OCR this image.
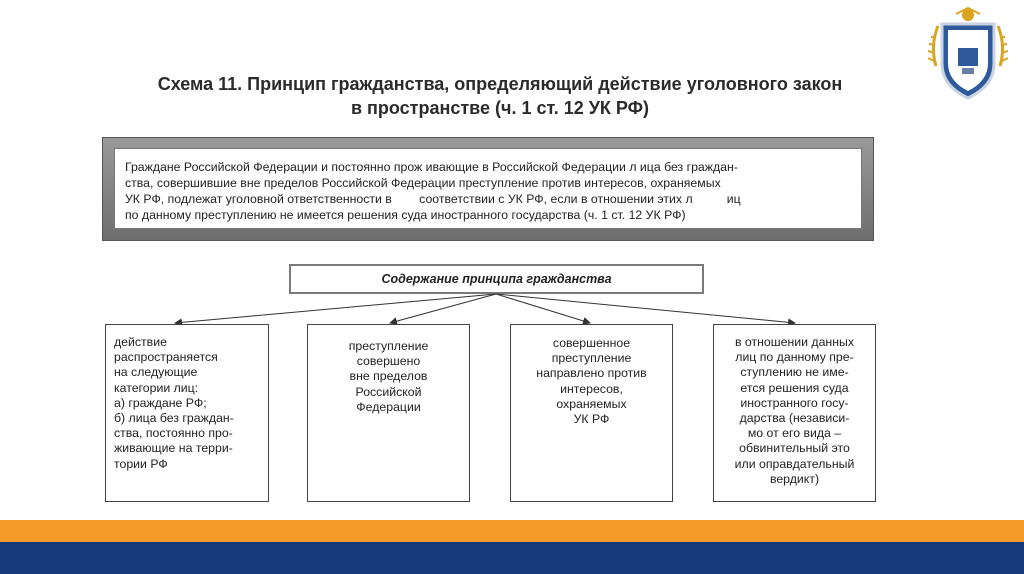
Схема 11. Принцип гражданства, определяющий действие уголовного закон
в пространстве (ч. 1 ст. 12 УК РФ)
Граждане Российской Федерации и постоянно прож ивающие в Российской Федерации л ица без граждан-
ства, совершившие вне пределов Российской Федерации преступление против интересов, охраняемых
УК РФ, подлежат уголовной ответственности в        соответствии с УК РФ, если в отношении этих л          иц
по данному преступлению не имеется решения суда иностранного государства (ч. 1 ст. 12 УК РФ)
Содержание принципа гражданства
действие
распространяется
на следующие
категории лиц:
а) граждане РФ;
б) лица без граждан-
ства, постоянно про-
живающие на терри-
тории РФ
преступление
совершено
вне пределов
Российской
Федерации
совершенное
преступление
направлено против
интересов,
охраняемых
УК РФ
в отношении данных
лиц по данному пре-
ступлению не име-
ется решения суда
иностранного госу-
дарства (независи-
мо от его вида –
обвинительный это
или оправдательный
вердикт)
